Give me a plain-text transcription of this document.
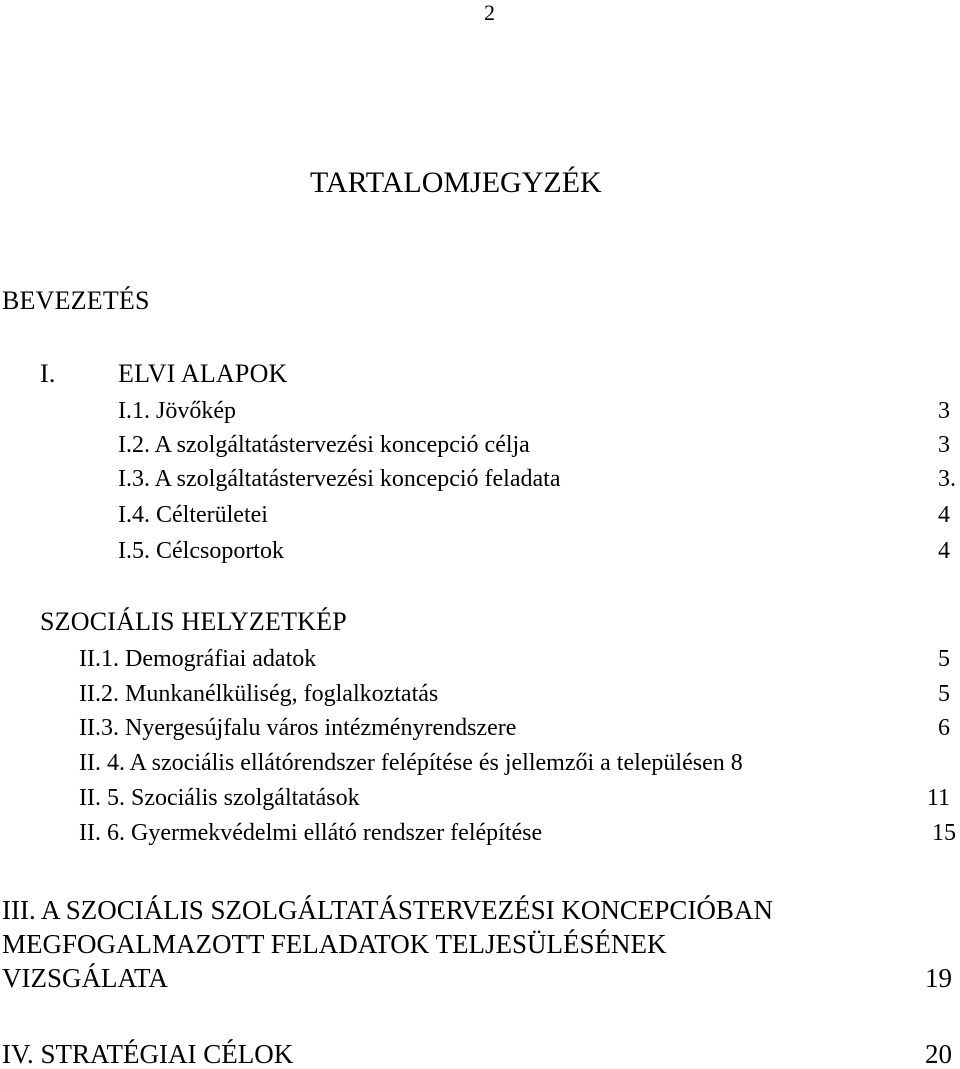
2
TARTALOMJEGYZÉK
BEVEZETÉS
I. ELVI ALAPOK
I.1. Jövőkép	3
I.2. A szolgáltatástervezési koncepció célja	3
I.3. A szolgáltatástervezési koncepció feladata	3.
I.4. Célterületei	4
I.5. Célcsoportok	4
SZOCIÁLIS HELYZETKÉP
II.1. Demográfiai adatok	5
II.2. Munkanélküliség, foglalkoztatás	5
II.3. Nyergesújfalu város intézményrendszere	6
II. 4. A szociális ellátórendszer felépítése és jellemzői a településen 8
II. 5. Szociális szolgáltatások	11
II. 6. Gyermekvédelmi ellátó rendszer felépítése	15
III. A SZOCIÁLIS SZOLGÁLTATÁSTERVEZÉSI KONCEPCIÓBAN
MEGFOGALMAZOTT FELADATOK TELJESÜLÉSÉNEK
VIZSGÁLATA	19
IV. STRATÉGIAI CÉLOK	20
